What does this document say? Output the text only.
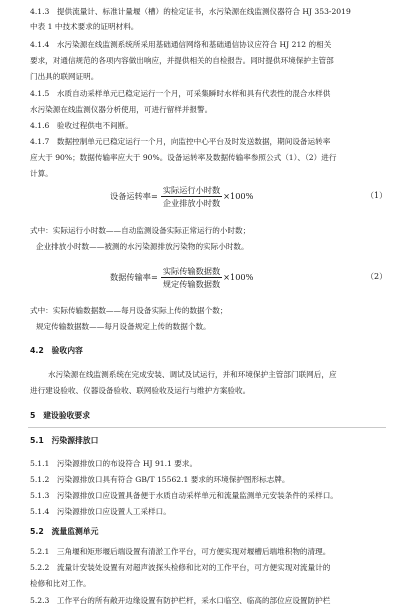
4.1.3　提供流量计、标准计量堰（槽）的检定证书，水污染源在线监测仪器符合 HJ 353-2019
中表 1 中技术要求的证明材料。
4.1.4　水污染源在线监测系统所采用基础通信网络和基础通信协议应符合 HJ 212 的相关
要求，对通信规范的各项内容做出响应，并提供相关的自检报告。同时提供环境保护主管部
门出具的联网证明。
4.1.5　水质自动采样单元已稳定运行一个月，可采集瞬时水样和具有代表性的混合水样供
水污染源在线监测仪器分析使用，可进行留样并报警。
4.1.6　验收过程供电不间断。
4.1.7　数据控制单元已稳定运行一个月，向监控中心平台及时发送数据，期间设备运转率
应大于 90%；数据传输率应大于 90%。设备运转率及数据传输率参照公式（1）、（2）进行
计算。
设备运转率= $\frac{\text{实际运行小时数}}{\text{企业排放小时数}} \times 100\%$	（1）
式中：实际运行小时数——自动监测设备实际正常运行的小时数；
企业排放小时数——被测的水污染源排放污染物的实际小时数。
数据传输率= $\frac{\text{实际传输数据数}}{\text{规定传输数据数}} \times 100\%$	（2）
式中：实际传输数据数——每月设备实际上传的数据个数；
规定传输数据数——每月设备规定上传的数据个数。
4.2　验收内容
水污染源在线监测系统在完成安装、调试及试运行，并和环境保护主管部门联网后，应
进行建设验收、仪器设备验收、联网验收及运行与维护方案验收。
5　建设验收要求
5.1　污染源排放口
5.1.1　污染源排放口的布设符合 HJ 91.1 要求。
5.1.2　污染源排放口具有符合 GB/T 15562.1 要求的环境保护图形标志牌。
5.1.3　污染源排放口应设置具备便于水质自动采样单元和流量监测单元安装条件的采样口。
5.1.4　污染源排放口应设置人工采样口。
5.2　流量监测单元
5.2.1　三角堰和矩形堰后端设置有清淤工作平台，可方便实现对堰槽后端堆积物的清理。
5.2.2　流量计安装处设置有对超声波探头检修和比对的工作平台，可方便实现对流量计的
检修和比对工作。
5.2.3　工作平台的所有敞开边缘设置有防护栏杆，采水口临空、临高的部位应设置防护栏
